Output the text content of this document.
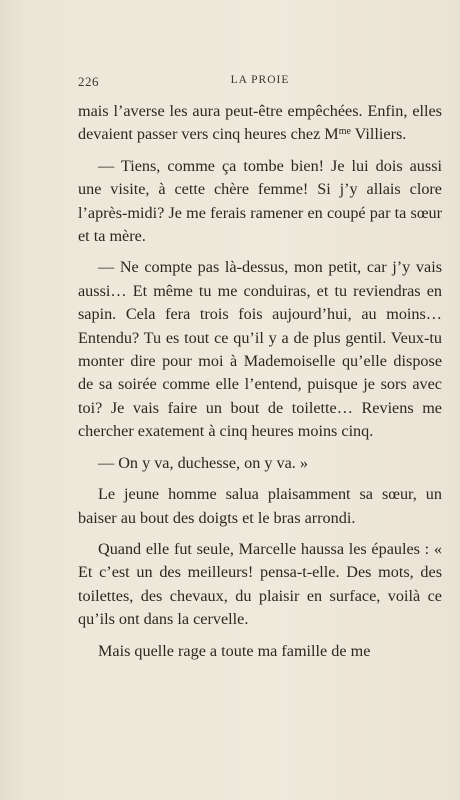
226	LA PROIE

mais l’averse les aura peut-être empêchées. Enfin, elles devaient passer vers cinq heures chez $M^{me}$ Villiers.

— Tiens, comme ça tombe bien! Je lui dois aussi une visite, à cette chère femme! Si j’y allais clore l’après-midi? Je me ferais ramener en coupé par ta sœur et ta mère.

— Ne compte pas là-dessus, mon petit, car j’y vais aussi… Et même tu me conduiras, et tu reviendras en sapin. Cela fera trois fois aujourd’hui, au moins… Entendu? Tu es tout ce qu’il y a de plus gentil. Veux-tu monter dire pour moi à Mademoiselle qu’elle dispose de sa soirée comme elle l’entend, puisque je sors avec toi? Je vais faire un bout de toilette… Reviens me chercher exatement à cinq heures moins cinq.

— On y va, duchesse, on y va. »

Le jeune homme salua plaisamment sa sœur, un baiser au bout des doigts et le bras arrondi.

Quand elle fut seule, Marcelle haussa les épaules : « Et c’est un des meilleurs! pensa-t-elle. Des mots, des toilettes, des chevaux, du plaisir en surface, voilà ce qu’ils ont dans la cervelle.

Mais quelle rage a toute ma famille de me
